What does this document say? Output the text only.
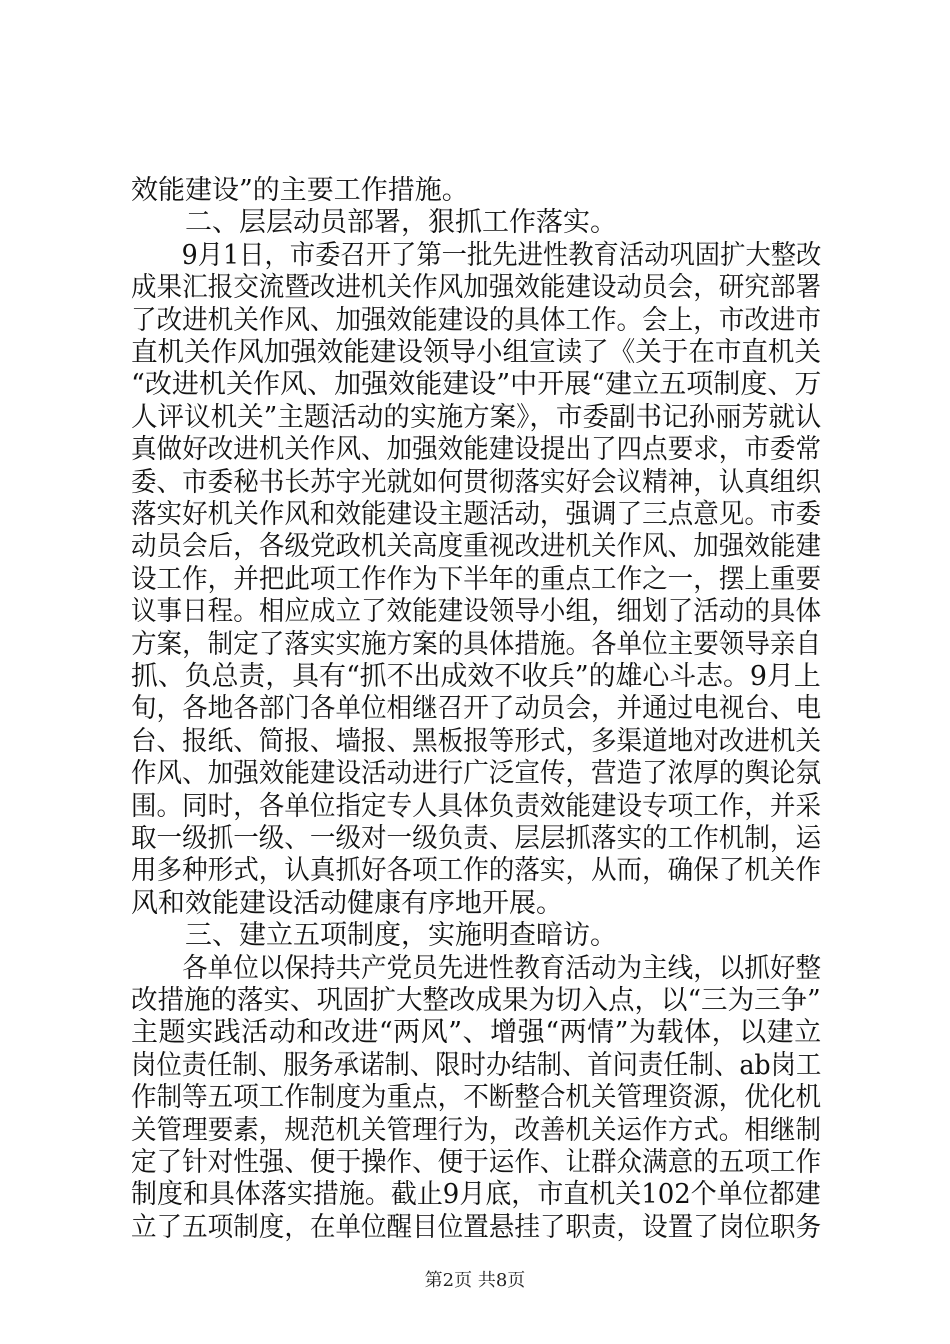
效能建设”的主要工作措施。
　　二、层层动员部署，狠抓工作落实。
　　9月1日，市委召开了第一批先进性教育活动巩固扩大整改
成果汇报交流暨改进机关作风加强效能建设动员会，研究部署
了改进机关作风、加强效能建设的具体工作。会上，市改进市
直机关作风加强效能建设领导小组宣读了《关于在市直机关
“改进机关作风、加强效能建设”中开展“建立五项制度、万
人评议机关”主题活动的实施方案》，市委副书记孙丽芳就认
真做好改进机关作风、加强效能建设提出了四点要求，市委常
委、市委秘书长苏宇光就如何贯彻落实好会议精神，认真组织
落实好机关作风和效能建设主题活动，强调了三点意见。市委
动员会后，各级党政机关高度重视改进机关作风、加强效能建
设工作，并把此项工作作为下半年的重点工作之一，摆上重要
议事日程。相应成立了效能建设领导小组，细划了活动的具体
方案，制定了落实实施方案的具体措施。各单位主要领导亲自
抓、负总责，具有“抓不出成效不收兵”的雄心斗志。9月上
旬，各地各部门各单位相继召开了动员会，并通过电视台、电
台、报纸、简报、墙报、黑板报等形式，多渠道地对改进机关
作风、加强效能建设活动进行广泛宣传，营造了浓厚的舆论氛
围。同时，各单位指定专人具体负责效能建设专项工作，并采
取一级抓一级、一级对一级负责、层层抓落实的工作机制，运
用多种形式，认真抓好各项工作的落实，从而，确保了机关作
风和效能建设活动健康有序地开展。
　　三、建立五项制度，实施明查暗访。
　　各单位以保持共产党员先进性教育活动为主线，以抓好整
改措施的落实、巩固扩大整改成果为切入点，以“三为三争”
主题实践活动和改进“两风”、增强“两情”为载体，以建立
岗位责任制、服务承诺制、限时办结制、首问责任制、ab岗工
作制等五项工作制度为重点，不断整合机关管理资源，优化机
关管理要素，规范机关管理行为，改善机关运作方式。相继制
定了针对性强、便于操作、便于运作、让群众满意的五项工作
制度和具体落实措施。截止9月底，市直机关102个单位都建
立了五项制度，在单位醒目位置悬挂了职责，设置了岗位职务
第2页 共8页
